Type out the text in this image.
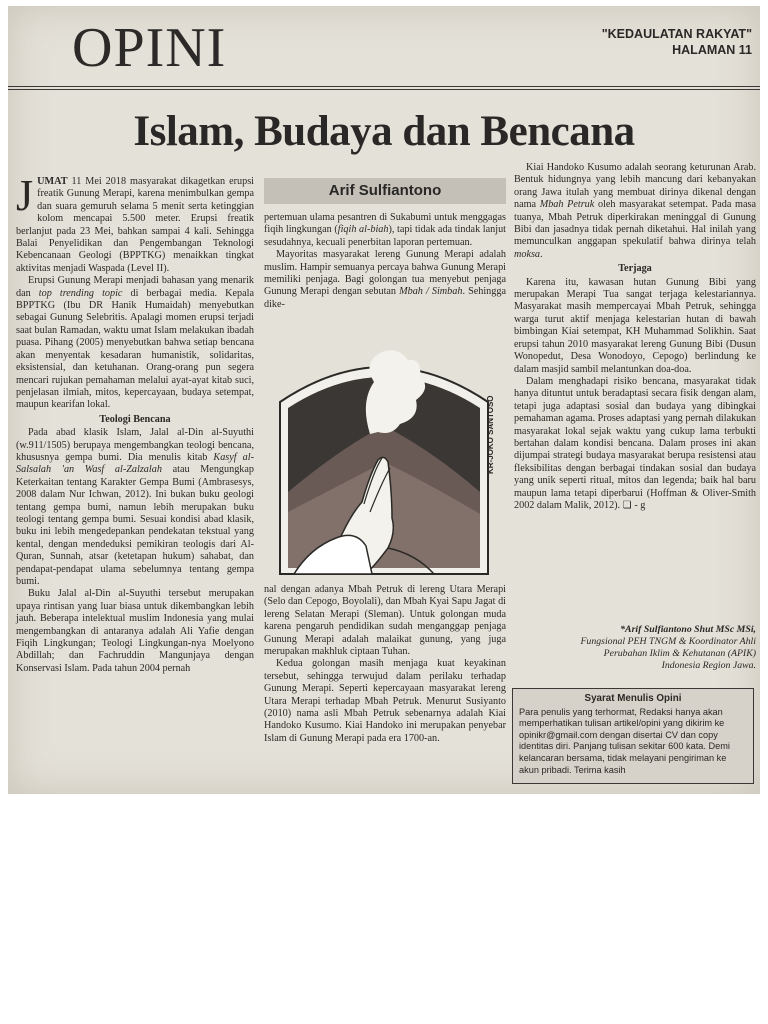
OPINI	"KEDAULATAN RAKYAT"
HALAMAN 11
Islam, Budaya dan Bencana

JUMAT 11 Mei 2018 masyarakat dikagetkan erupsi freatik Gunung Merapi, karena menimbulkan gempa dan suara gemuruh selama 5 menit serta ketinggian kolom mencapai 5.500 meter. Erupsi freatik berlanjut pada 23 Mei, bahkan sampai 4 kali. Sehingga Balai Penyelidikan dan Pengembangan Teknologi Kebencanaan Geologi (BPPTKG) menaikkan tingkat aktivitas menjadi Waspada (Level II).

Erupsi Gunung Merapi menjadi bahasan yang menarik dan top trending topic di berbagai media. Kepala BPPTKG (Ibu DR Hanik Humaidah) menyebutkan sebagai Gunung Selebritis. Apalagi momen erupsi terjadi saat bulan Ramadan, waktu umat Islam melakukan ibadah puasa. Pihang (2005) menyebutkan bahwa setiap bencana akan menyentak kesadaran humanistik, solidaritas, eksistensial, dan ketuhanan. Orang-orang pun segera mencari rujukan pemahaman melalui ayat-ayat kitab suci, penjelasan ilmiah, mitos, kepercayaan, budaya setempat, maupun kearifan lokal.

Teologi Bencana

Pada abad klasik Islam, Jalal al-Din al-Suyuthi (w.911/1505) berupaya mengembangkan teologi bencana, khususnya gempa bumi. Dia menulis kitab Kasyf al-Salsalah 'an Wasf al-Zalzalah atau Mengungkap Keterkaitan tentang Karakter Gempa Bumi (Ambrasesys, 2008 dalam Nur Ichwan, 2012). Ini bukan buku geologi tentang gempa bumi, namun lebih merupakan buku teologi tentang gempa bumi. Sesuai kondisi abad klasik, buku ini lebih mengedepankan pendekatan tekstual yang kental, dengan mendeduksi pemikiran teologis dari Al-Quran, Sunnah, atsar (ketetapan hukum) sahabat, dan pendapat-pendapat ulama sebelumnya tentang gempa bumi.

Buku Jalal al-Din al-Suyuthi tersebut merupakan upaya rintisan yang luar biasa untuk dikembangkan lebih jauh. Beberapa intelektual muslim Indonesia yang mulai mengembangkan di antaranya adalah Ali Yafie dengan Fiqih Lingkungan; Teologi Lingkungan-nya Moelyono Abdillah; dan Fachruddin Mangunjaya dengan Konservasi Islam. Pada tahun 2004 pernah

Arif Sulfiantono

pertemuan ulama pesantren di Sukabumi untuk menggagas fiqih lingkungan (fiqih al-biah), tapi tidak ada tindak lanjut sesudahnya, kecuali penerbitan laporan pertemuan.

Mayoritas masyarakat lereng Gunung Merapi adalah muslim. Hampir semuanya percaya bahwa Gunung Merapi memiliki penjaga. Bagi golongan tua menyebut penjaga Gunung Merapi dengan sebutan Mbah / Simbah. Sehingga dike-

KR-JOKO SANTOSO

nal dengan adanya Mbah Petruk di lereng Utara Merapi (Selo dan Cepogo, Boyolali), dan Mbah Kyai Sapu Jagat di lereng Selatan Merapi (Sleman). Untuk golongan muda karena pengaruh pendidikan sudah menganggap penjaga Gunung Merapi adalah malaikat gunung, yang juga merupakan makhluk ciptaan Tuhan.

Kedua golongan masih menjaga kuat keyakinan tersebut, sehingga terwujud dalam perilaku terhadap Gunung Merapi. Seperti kepercayaan masyarakat lereng Utara Merapi terhadap Mbah Petruk. Menurut Susiyanto (2010) nama asli Mbah Petruk sebenarnya adalah Kiai Handoko Kusumo. Kiai Handoko ini merupakan penyebar Islam di Gunung Merapi pada era 1700-an.

Kiai Handoko Kusumo adalah seorang keturunan Arab. Bentuk hidungnya yang lebih mancung dari kebanyakan orang Jawa itulah yang membuat dirinya dikenal dengan nama Mbah Petruk oleh masyarakat setempat. Pada masa tuanya, Mbah Petruk diperkirakan meninggal di Gunung Bibi dan jasadnya tidak pernah diketahui. Hal inilah yang memunculkan anggapan spekulatif bahwa dirinya telah moksa.

Terjaga

Karena itu, kawasan hutan Gunung Bibi yang merupakan Merapi Tua sangat terjaga kelestariannya. Masyarakat masih mempercayai Mbah Petruk, sehingga warga turut aktif menjaga kelestarian hutan di bawah bimbingan Kiai setempat, KH Muhammad Solikhin. Saat erupsi tahun 2010 masyarakat lereng Gunung Bibi (Dusun Wonopedut, Desa Wonodoyo, Cepogo) berlindung ke dalam masjid sambil melantunkan doa-doa.

Dalam menghadapi risiko bencana, masyarakat tidak hanya dituntut untuk beradaptasi secara fisik dengan alam, tetapi juga adaptasi sosial dan budaya yang dibingkai pemahaman agama. Proses adaptasi yang pernah dilakukan masyarakat lokal sejak waktu yang cukup lama terbukti bertahan dalam kondisi bencana. Dalam proses ini akan dijumpai strategi budaya masyarakat berupa resistensi atau fleksibilitas dengan berbagai tindakan sosial dan budaya yang unik seperti ritual, mitos dan legenda; baik hal baru maupun lama tetapi diperbarui (Hoffman & Oliver-Smith 2002 dalam Malik, 2012). ❏ - g

*Arif Sulfiantono Shut MSc MSi,
Fungsional PEH TNGM & Koordinator Ahli
Perubahan Iklim & Kehutanan (APIK)
Indonesia Region Jawa.
Syarat Menulis Opini
Para penulis yang terhormat, Redaksi hanya akan memperhatikan tulisan artikel/opini yang dikirim ke opinikr@gmail.com dengan disertai CV dan copy identitas diri. Panjang tulisan sekitar 600 kata. Demi kelancaran bersama, tidak melayani pengiriman ke akun pribadi. Terima kasih
